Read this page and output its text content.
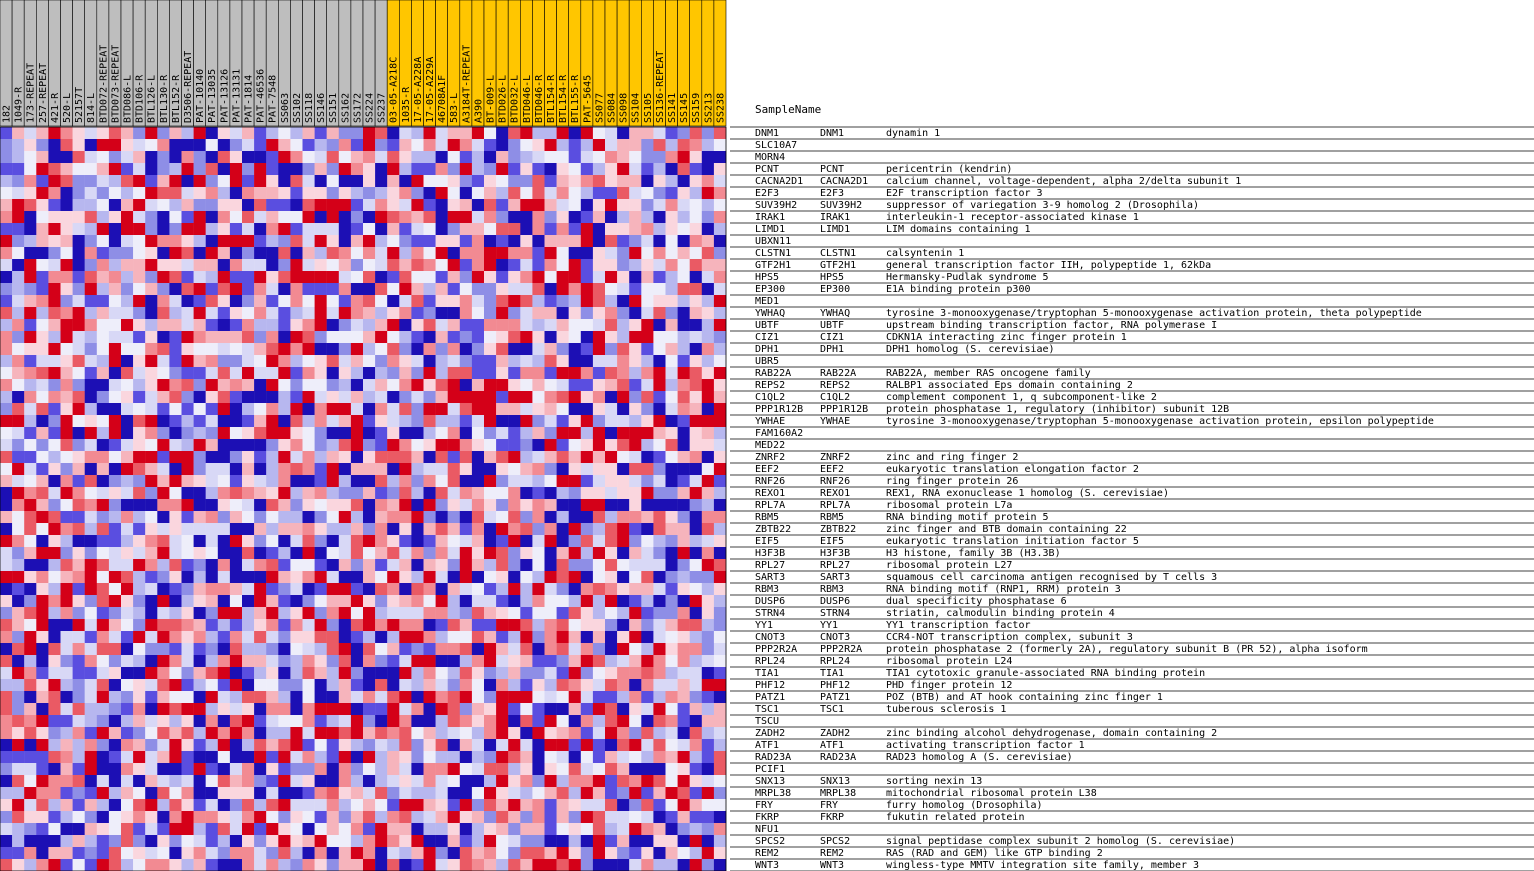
182 1049-R 173-REPEAT 257-REPEAT 421-R 520-L 52157T 814-L BTD072-REPEAT BTD073-REPEAT BTD086-L BTD106-R BTL126-L BTL130-R BTL152-R D3506-REPEAT PAT-10140 PAT-13035 PAT-13126 PAT-13131 PAT-1814 PAT-46536 PAT-7548 SS063 SS102 SS118 SS146 SS151 SS162 SS172 SS224 SS237 03-05-A218C 1035-R 17-05-A228A 17-05-A229A 46708A1F 583-L A3184T-REPEAT A390 BT-009-L BTD026-L BTD032-L BTD046-L BTD046-R BTL154-R BTL154-R BTL155-R PAT-5645 SS077 SS084 SS098 SS104 SS105 SS136-REPEAT SS141 SS145 SS159 SS213 SS238	SampleName
DNM1	DNM1	dynamin 1
SLC10A7
MORN4
PCNT	PCNT	pericentrin (kendrin)
CACNA2D1 CACNA2D1 calcium channel, voltage-dependent, alpha 2/delta subunit 1
E2F3	E2F3	E2F transcription factor 3
SUV39H2 SUV39H2 suppressor of variegation 3-9 homolog 2 (Drosophila)
IRAK1	IRAK1	interleukin-1 receptor-associated kinase 1
LIMD1	LIMD1	LIM domains containing 1
UBXN11
CLSTN1	CLSTN1	calsyntenin 1
GTF2H1	GTF2H1	general transcription factor IIH, polypeptide 1, 62kDa
HPS5	HPS5	Hermansky-Pudlak syndrome 5
EP300	EP300	E1A binding protein p300
MED1
YWHAQ	YWHAQ	tyrosine 3-monooxygenase/tryptophan 5-monooxygenase activation protein, theta polypeptide
UBTF	UBTF	upstream binding transcription factor, RNA polymerase I
CIZ1	CIZ1	CDKN1A interacting zinc finger protein 1
DPH1	DPH1	DPH1 homolog (S. cerevisiae)
UBR5
RAB22A	RAB22A	RAB22A, member RAS oncogene family
REPS2	REPS2	RALBP1 associated Eps domain containing 2
C1QL2	C1QL2	complement component 1, q subcomponent-like 2
PPP1R12B PPP1R12B protein phosphatase 1, regulatory (inhibitor) subunit 12B
YWHAE	YWHAE	tyrosine 3-monooxygenase/tryptophan 5-monooxygenase activation protein, epsilon polypeptide
FAM160A2
MED22
ZNRF2	ZNRF2	zinc and ring finger 2
EEF2	EEF2	eukaryotic translation elongation factor 2
RNF26	RNF26	ring finger protein 26
REXO1	REXO1	REX1, RNA exonuclease 1 homolog (S. cerevisiae)
RPL7A	RPL7A	ribosomal protein L7a
RBM5	RBM5	RNA binding motif protein 5
ZBTB22	ZBTB22	zinc finger and BTB domain containing 22
EIF5	EIF5	eukaryotic translation initiation factor 5
H3F3B	H3F3B	H3 histone, family 3B (H3.3B)
RPL27	RPL27	ribosomal protein L27
SART3	SART3	squamous cell carcinoma antigen recognised by T cells 3
RBM3	RBM3	RNA binding motif (RNP1, RRM) protein 3
DUSP6	DUSP6	dual specificity phosphatase 6
STRN4	STRN4	striatin, calmodulin binding protein 4
YY1	YY1	YY1 transcription factor
CNOT3	CNOT3	CCR4-NOT transcription complex, subunit 3
PPP2R2A PPP2R2A protein phosphatase 2 (formerly 2A), regulatory subunit B (PR 52), alpha isoform
RPL24	RPL24	ribosomal protein L24
TIA1	TIA1	TIA1 cytotoxic granule-associated RNA binding protein
PHF12	PHF12	PHD finger protein 12
PATZ1	PATZ1	POZ (BTB) and AT hook containing zinc finger 1
TSC1	TSC1	tuberous sclerosis 1
TSCU
ZADH2	ZADH2	zinc binding alcohol dehydrogenase, domain containing 2
ATF1	ATF1	activating transcription factor 1
RAD23A	RAD23A	RAD23 homolog A (S. cerevisiae)
PCIF1
SNX13	SNX13	sorting nexin 13
MRPL38	MRPL38	mitochondrial ribosomal protein L38
FRY	FRY	furry homolog (Drosophila)
FKRP	FKRP	fukutin related protein
NFU1
SPCS2	SPCS2	signal peptidase complex subunit 2 homolog (S. cerevisiae)
REM2	REM2	RAS (RAD and GEM) like GTP binding 2
WNT3	WNT3	wingless-type MMTV integration site family, member 3
